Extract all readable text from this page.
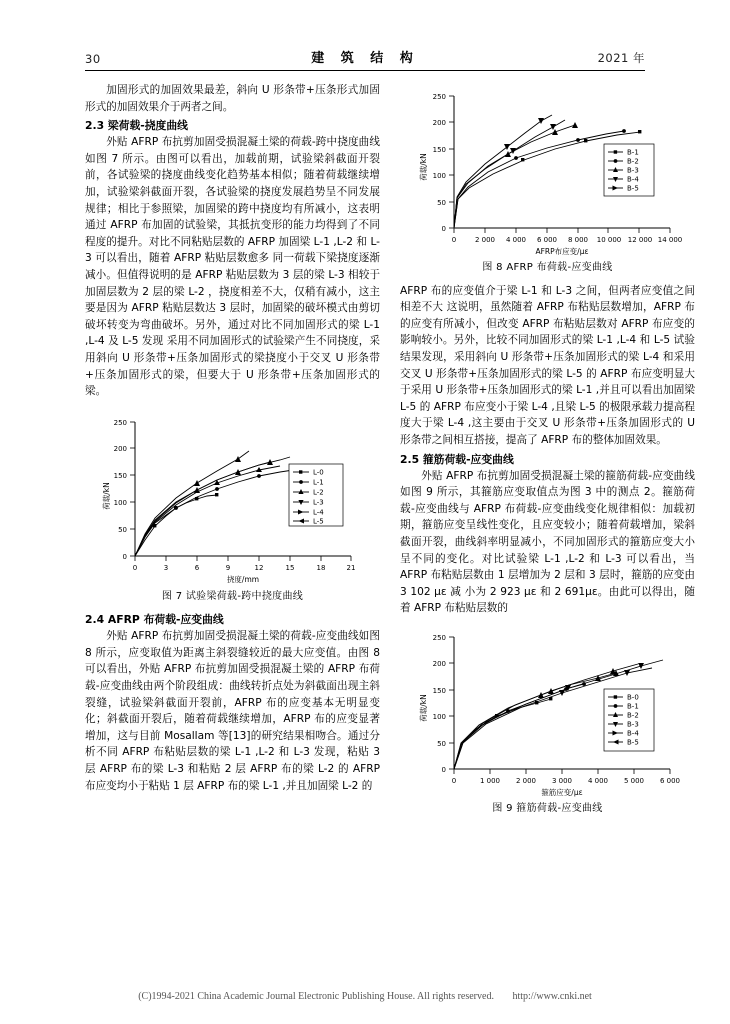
30	建 筑 结 构	2021 年

加固形式的加固效果最差，斜向 U 形条带+压条形式加固形式的加固效果介于两者之间。

2.3 梁荷载-挠度曲线

外贴 AFRP 布抗剪加固受损混凝土梁的荷载-跨中挠度曲线如图 7 所示。由图可以看出，加载前期，试验梁斜截面开裂前，各试验梁的挠度曲线变化趋势基本相似；随着荷载继续增加，试验梁斜截面开裂，各试验梁的挠度发展趋势呈不同发展规律；相比于参照梁，加固梁的跨中挠度均有所减小，这表明通过 AFRP 布加固的试验梁，其抵抗变形的能力均得到了不同程度的提升。对比不同粘贴层数的 AFRP 加固梁 L-1 ,L-2 和 L-3 可以看出，随着 AFRP 粘贴层数愈多 同一荷载下梁挠度逐渐减小。但值得说明的是 AFRP 粘贴层数为 3 层的梁 L-3 相较于加固层数为 2 层的梁 L-2 ，挠度相差不大，仅稍有减小，这主要是因为 AFRP 粘贴层数达 3 层时，加固梁的破坏模式由剪切破坏转变为弯曲破坏。另外，通过对比不同加固形式的梁 L-1 ,L-4 及 L-5 发现 采用不同加固形式的试验梁产生不同挠度，采用斜向 U 形条带+压条加固形式的梁挠度小于交叉 U 形条带+压条加固形式的梁，但要大于 U 形条带+压条加固形式的梁。

0
50
100
150
200
250
0	3	6	9	12	15	18	21
挠度/mm
荷载/kN
L-0
L-1
L-2
L-3
L-4
L-5
图 7 试验梁荷载-跨中挠度曲线
2.4 AFRP 布荷载-应变曲线

外贴 AFRP 布抗剪加固受损混凝土梁的荷载-应变曲线如图 8 所示，应变取值为距离主斜裂缝较近的最大应变值。由图 8 可以看出，外贴 AFRP 布抗剪加固受损混凝土梁的 AFRP 布荷载-应变曲线由两个阶段组成：曲线转折点处为斜截面出现主斜裂缝，试验梁斜截面开裂前，AFRP 布的应变基本无明显变化；斜截面开裂后，随着荷载继续增加，AFRP 布的应变显著增加，这与目前 Mosallam 等[13]的研究结果相吻合。通过分析不同 AFRP 布粘贴层数的梁 L-1 ,L-2 和 L-3 发现，粘贴 3 层 AFRP 布的梁 L-3 和粘贴 2 层 AFRP 布的梁 L-2 的 AFRP 布应变均小于粘贴 1 层 AFRP 布的梁 L-1 ,并且加固梁 L-2 的

0
50
100
150
200
250
0	2 000 4 000 6 000 8 000 10 000 12 000 14 000
AFRP布应变/με
荷载/kN
B-1
B-2
B-3
B-4
B-5
图 8 AFRP 布荷载-应变曲线

AFRP 布的应变值介于梁 L-1 和 L-3 之间，但两者应变值之间相差不大 这说明，虽然随着 AFRP 布粘贴层数增加，AFRP 布的应变有所减小，但改变 AFRP 布粘贴层数对 AFRP 布应变的影响较小。另外，比较不同加固形式的梁 L-1 ,L-4 和 L-5 试验结果发现，采用斜向 U 形条带+压条加固形式的梁 L-4 和采用交叉 U 形条带+压条加固形式的梁 L-5 的 AFRP 布应变明显大于采用 U 形条带+压条加固形式的梁 L-1 ,并且可以看出加固梁 L-5 的 AFRP 布应变小于梁 L-4 ,且梁 L-5 的极限承载力提高程度大于梁 L-4 ,这主要由于交叉 U 形条带+压条加固形式的 U 形条带之间相互搭接，提高了 AFRP 布的整体加固效果。

2.5 箍筋荷载-应变曲线

外贴 AFRP 布抗剪加固受损混凝土梁的箍筋荷载-应变曲线如图 9 所示，其箍筋应变取值点为图 3 中的测点 2。箍筋荷载-应变曲线与 AFRP 布荷载-应变曲线变化规律相似：加载初期，箍筋应变呈线性变化，且应变较小；随着荷载增加，梁斜截面开裂，曲线斜率明显减小，不同加固形式的箍筋应变大小呈不同的变化。对比试验梁 L-1 ,L-2 和 L-3 可以看出，当 AFRP 布粘贴层数由 1 层增加为 2 层和 3 层时，箍筋的应变由 3 102 με 减 小为 2 923 με 和 2 691με。由此可以得出，随着 AFRP 布粘贴层数的

0
50
100
150
200
250
0	1 000 2 000 3 000 4 000 5 000 6 000
箍筋应变/με
荷载/kN	B-0
B-1
B-2
B-3
B-4
B-5
图 9 箍筋荷载-应变曲线
(C)1994-2021 China Academic Journal Electronic Publishing House. All rights reserved. http://www.cnki.net
